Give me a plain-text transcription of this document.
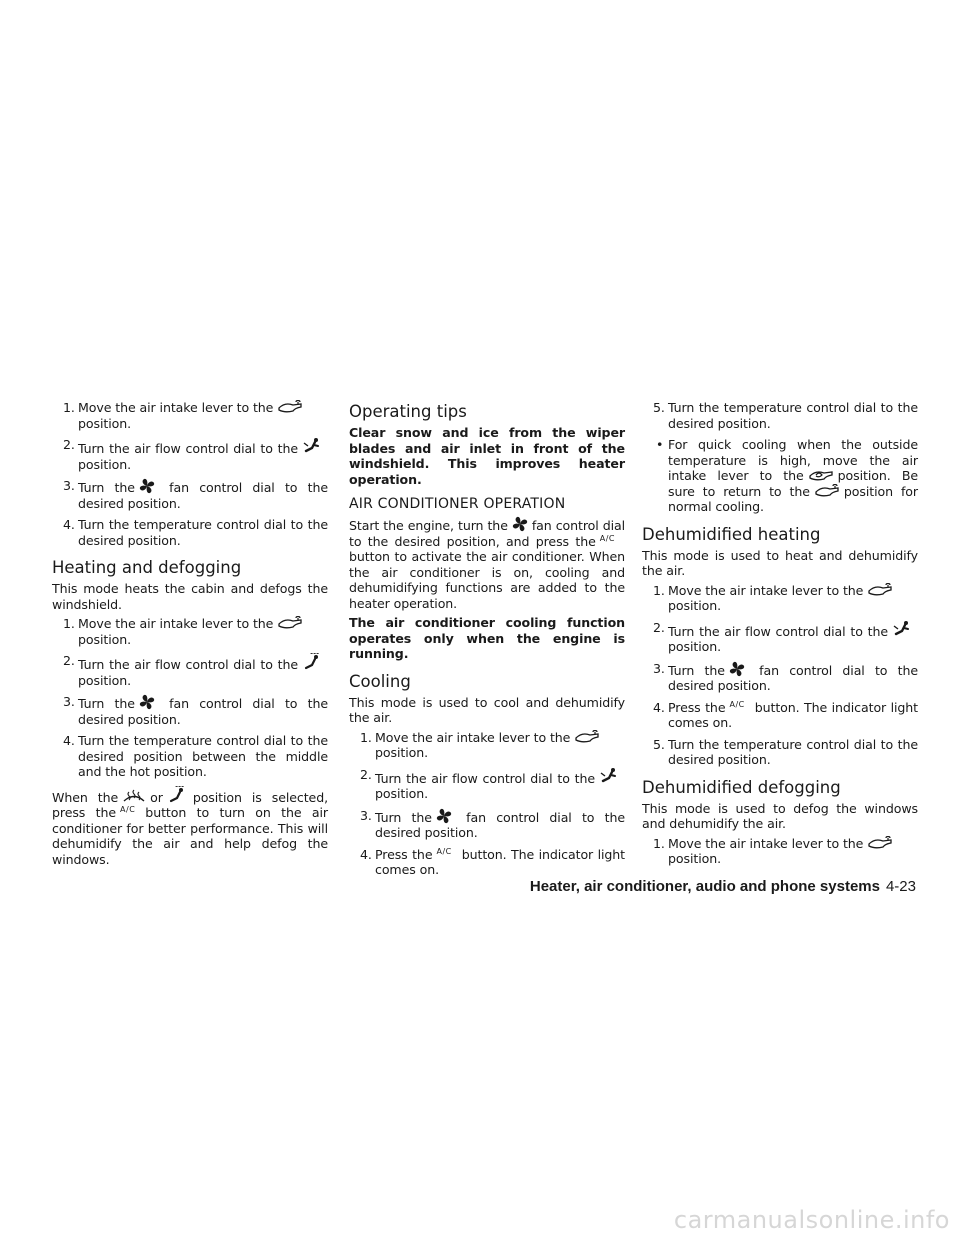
1. Move the air intake lever to the

position.
2. Turn the air flow control dial to the
position.
3. Turn the	fan control dial to the desired position.
4. Turn the temperature control dial to the desired position.
Heating and defogging
This mode heats the cabin and defogs the windshield.
1. Move the air intake lever to the

position.
2. Turn the air flow control dial to the
position.
3. Turn the	fan control dial to the desired position.
4. Turn the temperature control dial to the desired position between the middle and the hot position.
When the	or position is selected, press the A/C button to turn on the air conditioner for better performance. This will dehumidify the air and help defog the windows.
Operating tips
Clear snow and ice from the wiper blades and air inlet in front of the windshield. This improves heater operation.
AIR CONDITIONER OPERATION
Start the engine, turn the fan control dial to the desired position, and press the A/Cbutton to activate the air conditioner. When the air conditioner is on, cooling and dehumidifying functions are added to the heater operation.
The air conditioner cooling function operates only when the engine is running.
Cooling
This mode is used to cool and dehumidify the air.
1. Move the air intake lever to the

position.
2. Turn the air flow control dial to the
position.
3. Turn the	fan control dial to the desired position.
4. Press the A/C button. The indicator light comes on.
5. Turn the temperature control dial to the desired position.
• For quick cooling when the outside temperature is high, move the air intake lever to the	position. Be sure to return to the	position for normal cooling.
Dehumidified heating
This mode is used to heat and dehumidify the air.
1. Move the air intake lever to the

position.
2. Turn the air flow control dial to the
position.
3. Turn the	fan control dial to the desired position.
4. Press the A/C button. The indicator light comes on.
5. Turn the temperature control dial to the desired position.
Dehumidified defogging
This mode is used to defog the windows and dehumidify the air.
1. Move the air intake lever to the

position.
Heater, air conditioner, audio and phone systems 4-23
carmanualsonline.info
